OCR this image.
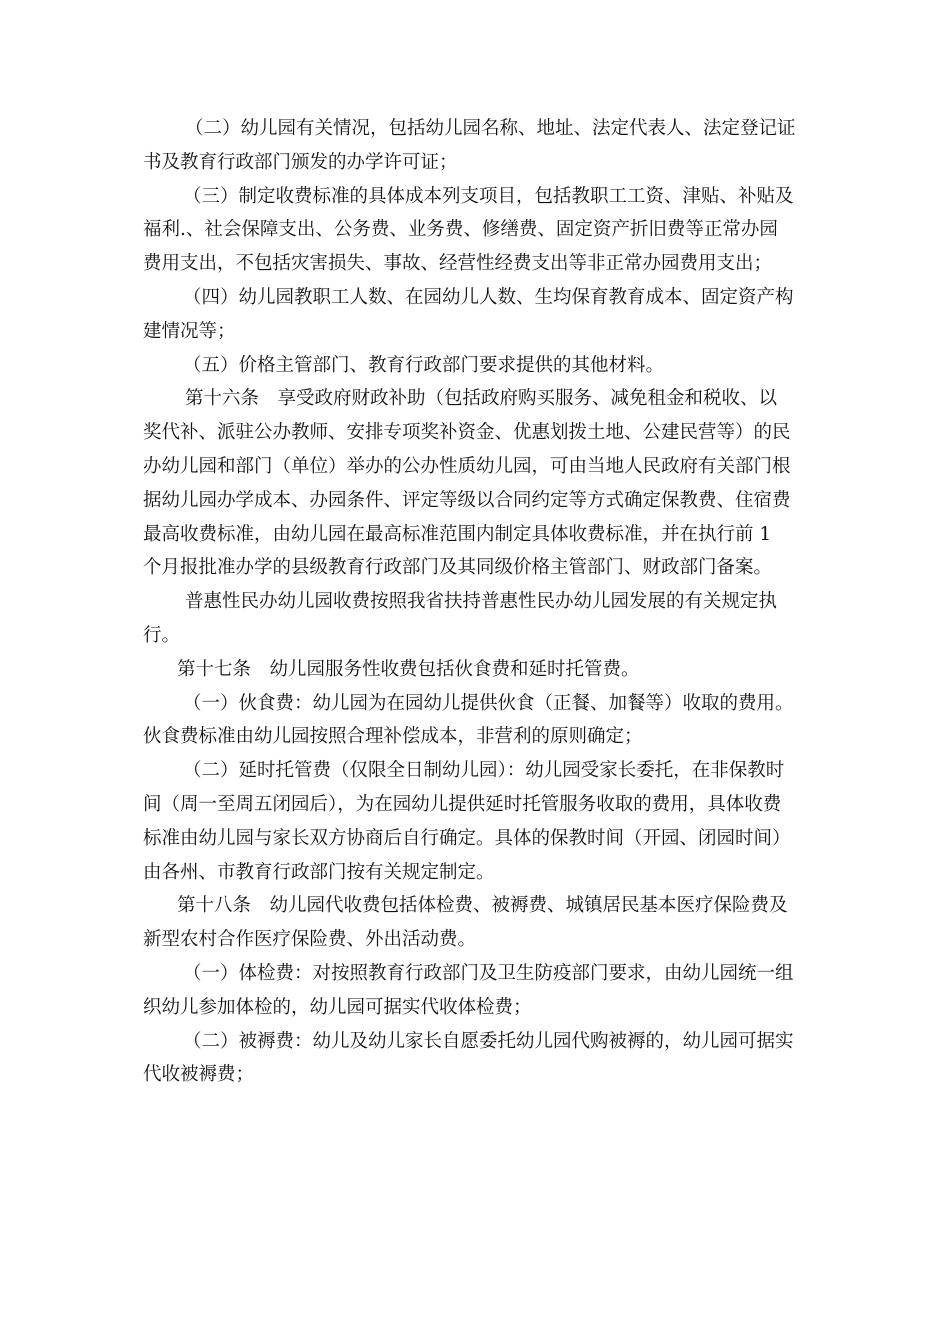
（二）幼儿园有关情况，包括幼儿园名称、地址、法定代表人、法定登记证
书及教育行政部门颁发的办学许可证；

（三）制定收费标准的具体成本列支项目，包括教职工工资、津贴、补贴及
福利.、社会保障支出、公务费、业务费、修缮费、固定资产折旧费等正常办园
费用支出，不包括灾害损失、事故、经营性经费支出等非正常办园费用支出；

（四）幼儿园教职工人数、在园幼儿人数、生均保育教育成本、固定资产构
建情况等；

（五）价格主管部门、教育行政部门要求提供的其他材料。

第十六条　享受政府财政补助（包括政府购买服务、减免租金和税收、以
奖代补、派驻公办教师、安排专项奖补资金、优惠划拨土地、公建民营等）的民
办幼儿园和部门（单位）举办的公办性质幼儿园，可由当地人民政府有关部门根
据幼儿园办学成本、办园条件、评定等级以合同约定等方式确定保教费、住宿费
最高收费标准，由幼儿园在最高标准范围内制定具体收费标准，并在执行前 1
个月报批准办学的县级教育行政部门及其同级价格主管部门、财政部门备案。

普惠性民办幼儿园收费按照我省扶持普惠性民办幼儿园发展的有关规定执
行。

第十七条　幼儿园服务性收费包括伙食费和延时托管费。

（一）伙食费：幼儿园为在园幼儿提供伙食（正餐、加餐等）收取的费用。
伙食费标准由幼儿园按照合理补偿成本，非营利的原则确定；

（二）延时托管费（仅限全日制幼儿园）：幼儿园受家长委托，在非保教时
间（周一至周五闭园后），为在园幼儿提供延时托管服务收取的费用，具体收费
标准由幼儿园与家长双方协商后自行确定。具体的保教时间（开园、闭园时间）
由各州、市教育行政部门按有关规定制定。

第十八条　幼儿园代收费包括体检费、被褥费、城镇居民基本医疗保险费及
新型农村合作医疗保险费、外出活动费。

（一）体检费：对按照教育行政部门及卫生防疫部门要求，由幼儿园统一组
织幼儿参加体检的，幼儿园可据实代收体检费；

（二）被褥费：幼儿及幼儿家长自愿委托幼儿园代购被褥的，幼儿园可据实
代收被褥费；
